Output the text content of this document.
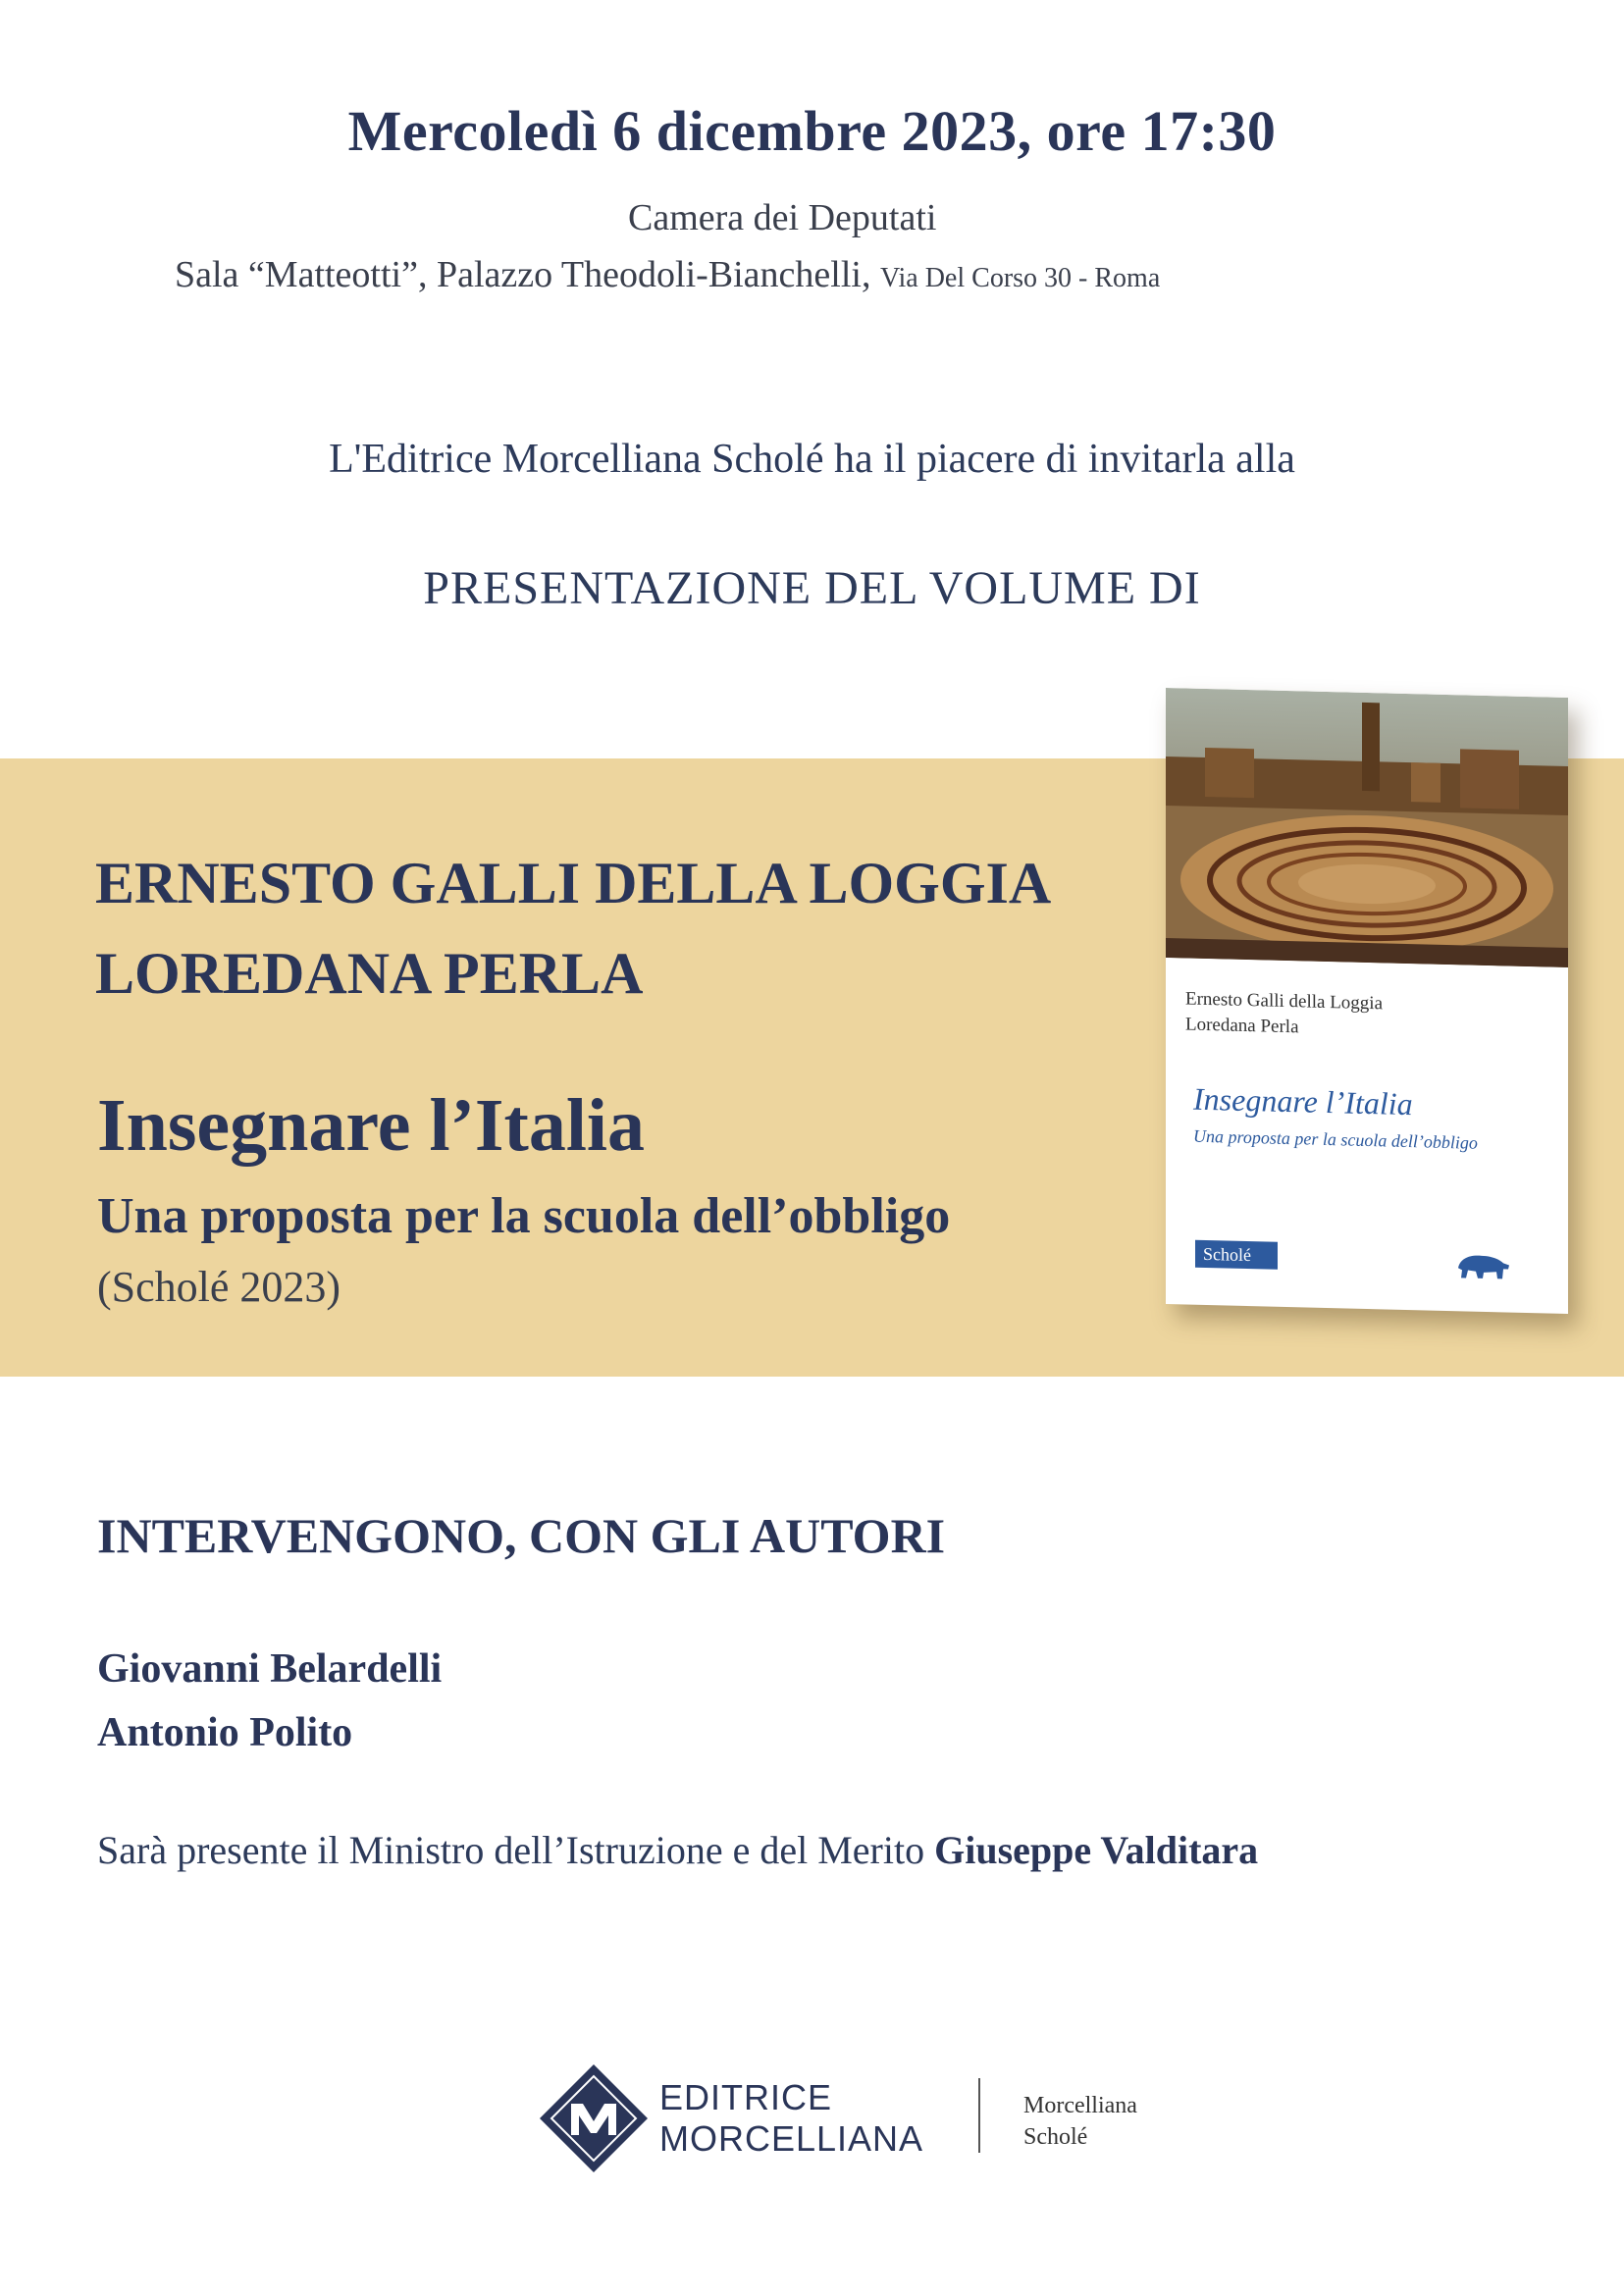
Mercoledì 6 dicembre 2023, ore 17:30
Camera dei Deputati
Sala “Matteotti”, Palazzo Theodoli-Bianchelli, Via Del Corso 30 - Roma
L'Editrice Morcelliana Scholé ha il piacere di invitarla alla
PRESENTAZIONE DEL VOLUME DI
ERNESTO GALLI DELLA LOGGIA
LOREDANA PERLA
Insegnare l’Italia
Una proposta per la scuola dell’obbligo
(Scholé 2023)
Ernesto Galli della Loggia
Loredana Perla
Insegnare l’Italia
Una proposta per la scuola dell’obbligo
Scholé
INTERVENGONO, CON GLI AUTORI
Giovanni Belardelli
Antonio Polito
Sarà presente il Ministro dell’Istruzione e del Merito Giuseppe Valditara
EDITRICE
MORCELLIANA
Morcelliana
Scholé
